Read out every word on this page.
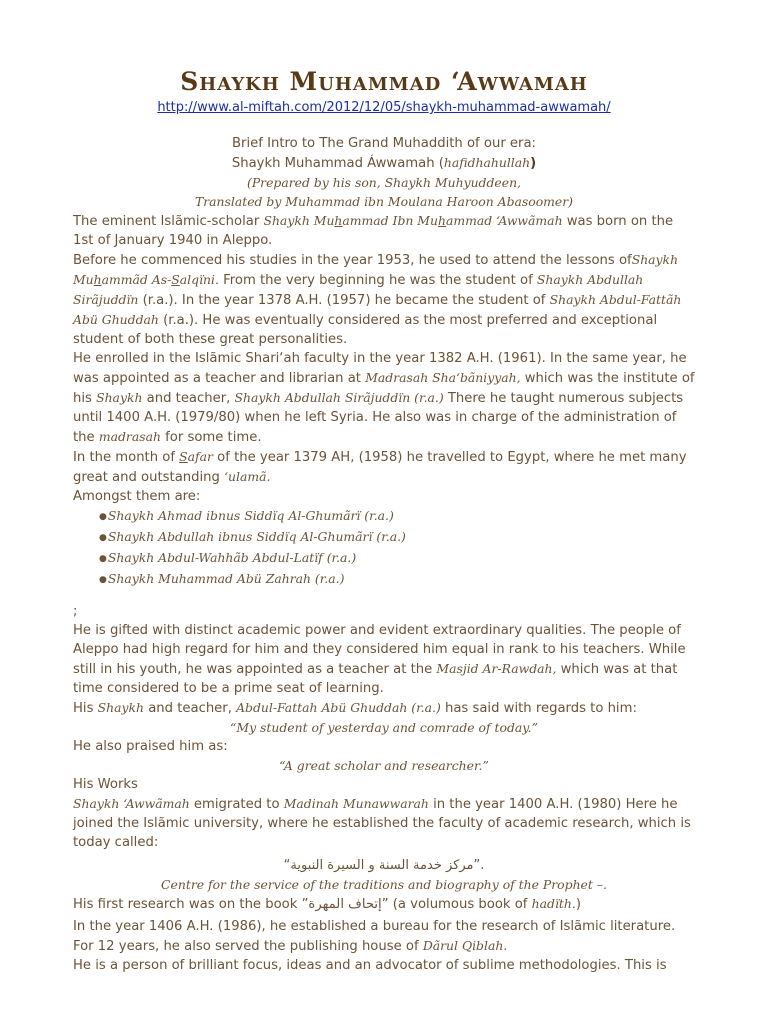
Shaykh Muhammad ‘Awwamah
http://www.al-miftah.com/2012/12/05/shaykh-muhammad-awwamah/
Brief Intro to The Grand Muhaddith of our era:
Shaykh Muhammad Áwwamah (hafidhahullah)
(Prepared by his son, Shaykh Muhyuddeen,
Translated by Muhammad ibn Moulana Haroon Abasoomer)

The eminent Islãmic-scholar Shaykh Muhammad Ibn Muhammad ‘Awwãmah was born on the 1st of January 1940 in Aleppo.

Before he commenced his studies in the year 1953, he used to attend the lessons ofShaykh Muhammãd As-Salqïni. From the very beginning he was the student of Shaykh Abdullah Sirãjuddïn (r.a.). In the year 1378 A.H. (1957) he became the student of Shaykh Abdul-Fattãh Abü Ghuddah (r.a.). He was eventually considered as the most preferred and exceptional student of both these great personalities.

He enrolled in the Islãmic Shari‘ah faculty in the year 1382 A.H. (1961). In the same year, he was appointed as a teacher and librarian at Madrasah Sha‘bãniyyah, which was the institute of his Shaykh and teacher, Shaykh Abdullah Sirãjuddïn (r.a.) There he taught numerous subjects until 1400 A.H. (1979/80) when he left Syria. He also was in charge of the administration of the madrasah for some time.

In the month of Safar of the year 1379 AH, (1958) he travelled to Egypt, where he met many great and outstanding ‘ulamã.
Amongst them are:

●Shaykh Ahmad ibnus Siddïq Al-Ghumãrï (r.a.)
●Shaykh Abdullah ibnus Siddïq Al-Ghumãrï (r.a.)
●Shaykh Abdul-Wahhãb Abdul-Latïf (r.a.)
●Shaykh Muhammad Abü Zahrah (r.a.)

;

He is gifted with distinct academic power and evident extraordinary qualities. The people of Aleppo had high regard for him and they considered him equal in rank to his teachers. While still in his youth, he was appointed as a teacher at the Masjid Ar-Rawdah, which was at that time considered to be a prime seat of learning.

His Shaykh and teacher, Abdul-Fattah Abü Ghuddah (r.a.) has said with regards to him:

“My student of yesterday and comrade of today.”

He also praised him as:

“A great scholar and researcher.”

His Works

Shaykh ‘Awwãmah emigrated to Madinah Munawwarah in the year 1400 A.H. (1980) Here he joined the Islãmic university, where he established the faculty of academic research, which is today called:

“مركز خدمة السنة و السيرة النبوية”.
Centre for the service of the traditions and biography of the Prophet –.

His first research was on the book ”إتحاف المهرة” (a volumous book of hadïth.)

In the year 1406 A.H. (1986), he established a bureau for the research of Islãmic literature. For 12 years, he also served the publishing house of Dãrul Qiblah.
He is a person of brilliant focus, ideas and an advocator of sublime methodologies. This is
